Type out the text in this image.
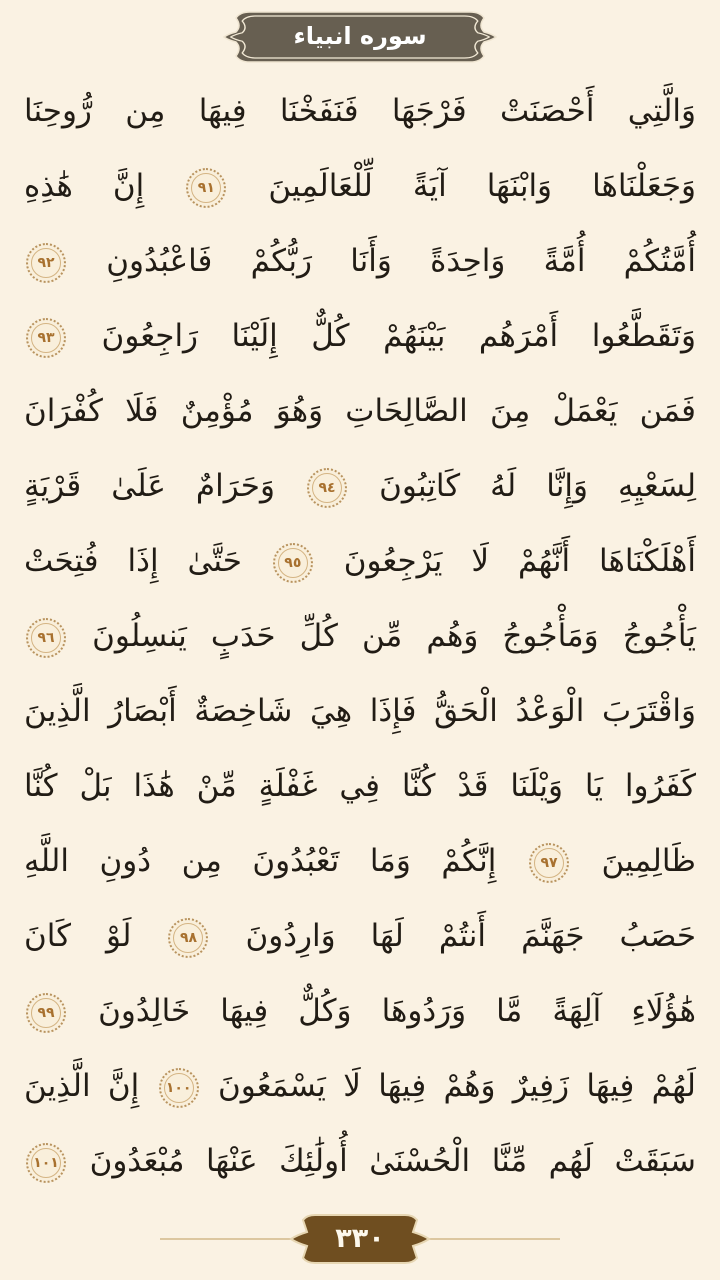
سوره انبياء
وَالَّتِي أَحْصَنَتْ فَرْجَهَا فَنَفَخْنَا فِيهَا مِن رُّوحِنَا
وَجَعَلْنَاهَا وَابْنَهَا آيَةً لِّلْعَالَمِينَ
٩١
إِنَّ هَٰذِهِ
أُمَّتُكُمْ أُمَّةً وَاحِدَةً وَأَنَا رَبُّكُمْ فَاعْبُدُونِ
٩٢
وَتَقَطَّعُوا أَمْرَهُم بَيْنَهُمْ كُلٌّ إِلَيْنَا رَاجِعُونَ
٩٣
فَمَن يَعْمَلْ مِنَ الصَّالِحَاتِ وَهُوَ مُؤْمِنٌ فَلَا كُفْرَانَ
لِسَعْيِهِ وَإِنَّا لَهُ كَاتِبُونَ
٩٤
وَحَرَامٌ عَلَىٰ قَرْيَةٍ
أَهْلَكْنَاهَا أَنَّهُمْ لَا يَرْجِعُونَ
٩٥
حَتَّىٰ إِذَا فُتِحَتْ
يَأْجُوجُ وَمَأْجُوجُ وَهُم مِّن كُلِّ حَدَبٍ يَنسِلُونَ
٩٦
وَاقْتَرَبَ الْوَعْدُ الْحَقُّ فَإِذَا هِيَ شَاخِصَةٌ أَبْصَارُ الَّذِينَ
كَفَرُوا يَا وَيْلَنَا قَدْ كُنَّا فِي غَفْلَةٍ مِّنْ هَٰذَا بَلْ كُنَّا
ظَالِمِينَ
٩٧
إِنَّكُمْ وَمَا تَعْبُدُونَ مِن دُونِ اللَّهِ
حَصَبُ جَهَنَّمَ أَنتُمْ لَهَا وَارِدُونَ
٩٨
لَوْ كَانَ
هَٰؤُلَاءِ آلِهَةً مَّا وَرَدُوهَا وَكُلٌّ فِيهَا خَالِدُونَ
٩٩
لَهُمْ فِيهَا زَفِيرٌ وَهُمْ فِيهَا لَا يَسْمَعُونَ
١٠٠
إِنَّ الَّذِينَ
سَبَقَتْ لَهُم مِّنَّا الْحُسْنَىٰ أُولَٰئِكَ عَنْهَا مُبْعَدُونَ
١٠١
٣٣٠
